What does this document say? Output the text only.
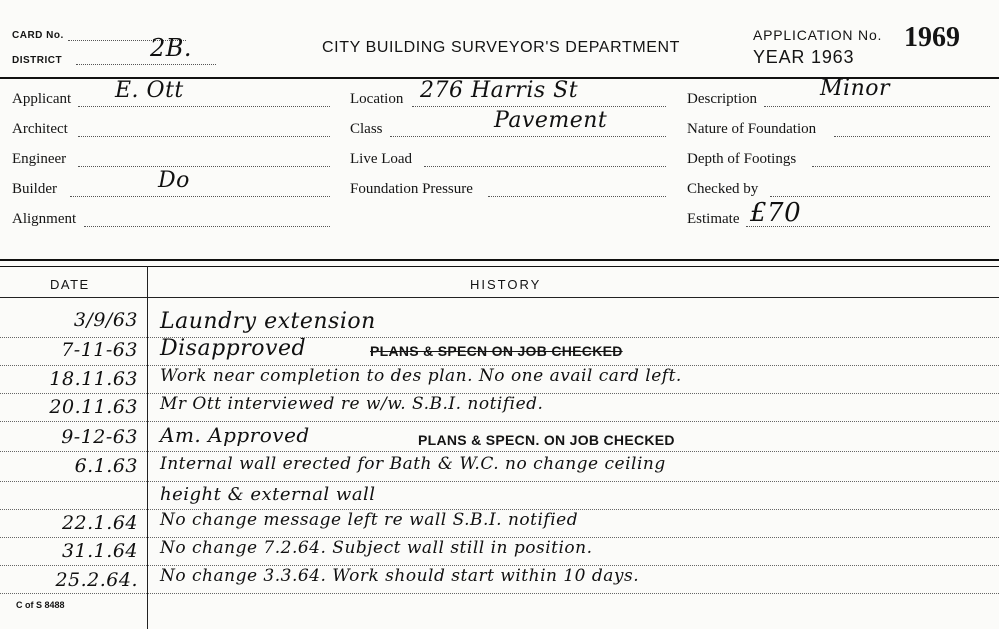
CARD No.
DISTRICT	2B.	CITY BUILDING SURVEYOR'S DEPARTMENT
APPLICATION No. 1969
YEAR 1963
Applicant E. Ott
Architect
Engineer
Builder	Do
Alignment
Location 276 Harris St
Class	Pavement
Live Load
Foundation Pressure
Description	Minor
Nature of Foundation
Depth of Footings
Checked by
Estimate £70
DATE	HISTORY
3/9/63 Laundry extension
7-11-63 Disapproved	PLANS & SPECN ON JOB CHECKED
18.11.63 Work near completion to des plan. No one avail card left.
20.11.63 Mr Ott interviewed re w/w. S.B.I. notified.
9-12-63 Am. Approved	PLANS & SPECN. ON JOB CHECKED
6.1.63 Internal wall erected for Bath & W.C. no change ceiling
height & external wall
22.1.64 No change message left re wall S.B.I. notified
31.1.64 No change 7.2.64. Subject wall still in position.
25.2.64. No change 3.3.64. Work should start within 10 days.
C of S 8488
